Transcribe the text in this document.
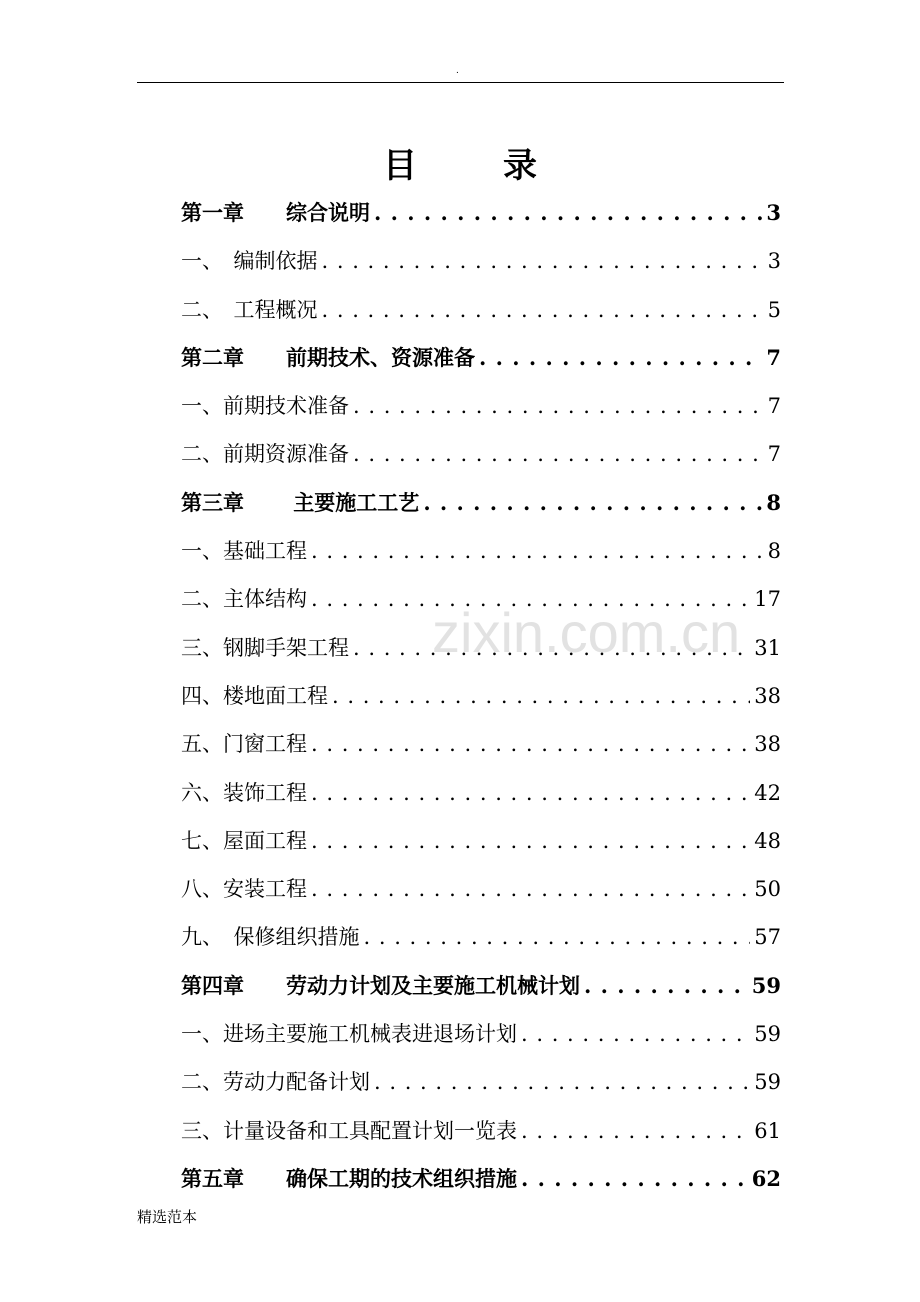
.
目录
第一章　　综合说明 . . .	3
一、　编制依据 . . .	3
二、　工程概况 . . .	5
第二章　　前期技术、资源准备 . . .	7
一、前期技术准备 . . .	7
二、前期资源准备 . . .	7
第三章　　 主要施工工艺 . . .	8
一、基础工程 . . .	8
二、主体结构 . . .	17
三、钢脚手架工程 . . .	31
四、楼地面工程 . . .	38
五、门窗工程 . . .	38
六、装饰工程 . . .	42
七、屋面工程 . . .	48
八、安装工程 . . .	50
九、　保修组织措施 . . .	57
第四章　　劳动力计划及主要施工机械计划 . . .	59
一、进场主要施工机械表进退场计划 . . .	59
二、劳动力配备计划 . . .	59
三、计量设备和工具配置计划一览表 . . .	61
第五章　　确保工期的技术组织措施 . . .	62
zixin.com.cn
精选范本
